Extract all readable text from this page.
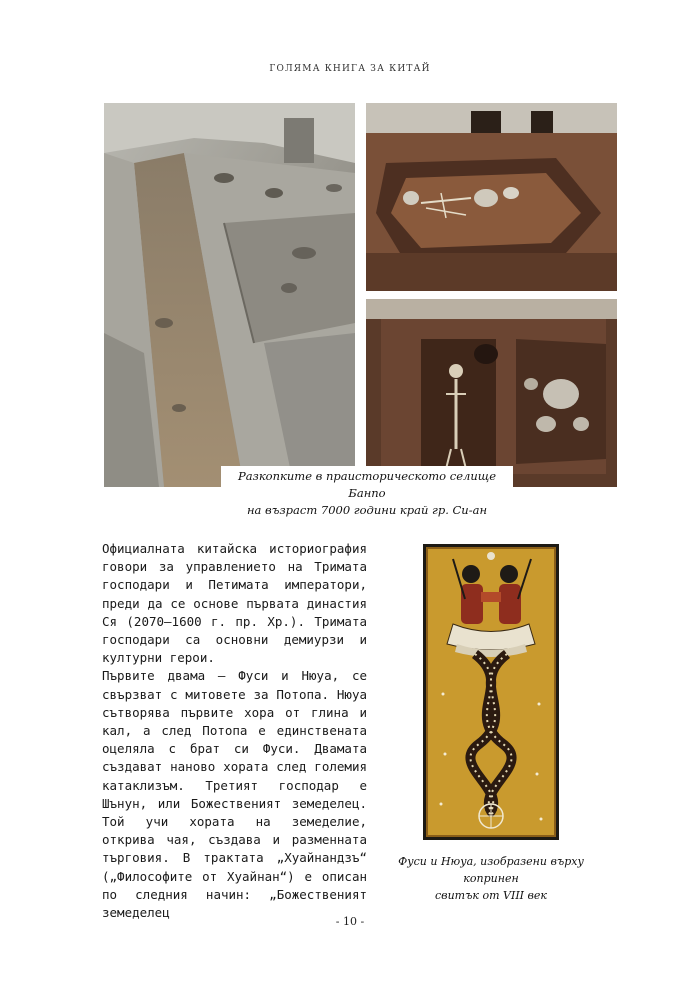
ГОЛЯМА КНИГА ЗА КИТАЙ
Разкопките в праисторическото селище Банпо
на възраст 7000 години край гр. Си-ан

Официалната китайска историография говори за управлението на Тримата господари и Петимата императори, преди да се основе първата династия Ся (2070–1600 г. пр. Хр.). Тримата господари са основни демиурзи и културни герои.

Първите двама – Фуси и Нюуа, се свързват с митовете за Потопа. Нюуа сътворява първите хора от глина и кал, а след Потопа е единствената оцеляла с брат си Фуси. Двамата създават наново хората след големия катаклизъм. Третият господар е Шънун, или Божественият земеделец. Той учи хората на земеделие, открива чая, създава и разменната търговия. В трактата „Хуайнандзъ“ („Философите от Хуайнан“) е описан по следния начин: „Божественият земеделец

Фуси и Нюуа, изобразени върху копринен
свитък от VIII век
- 10 -
